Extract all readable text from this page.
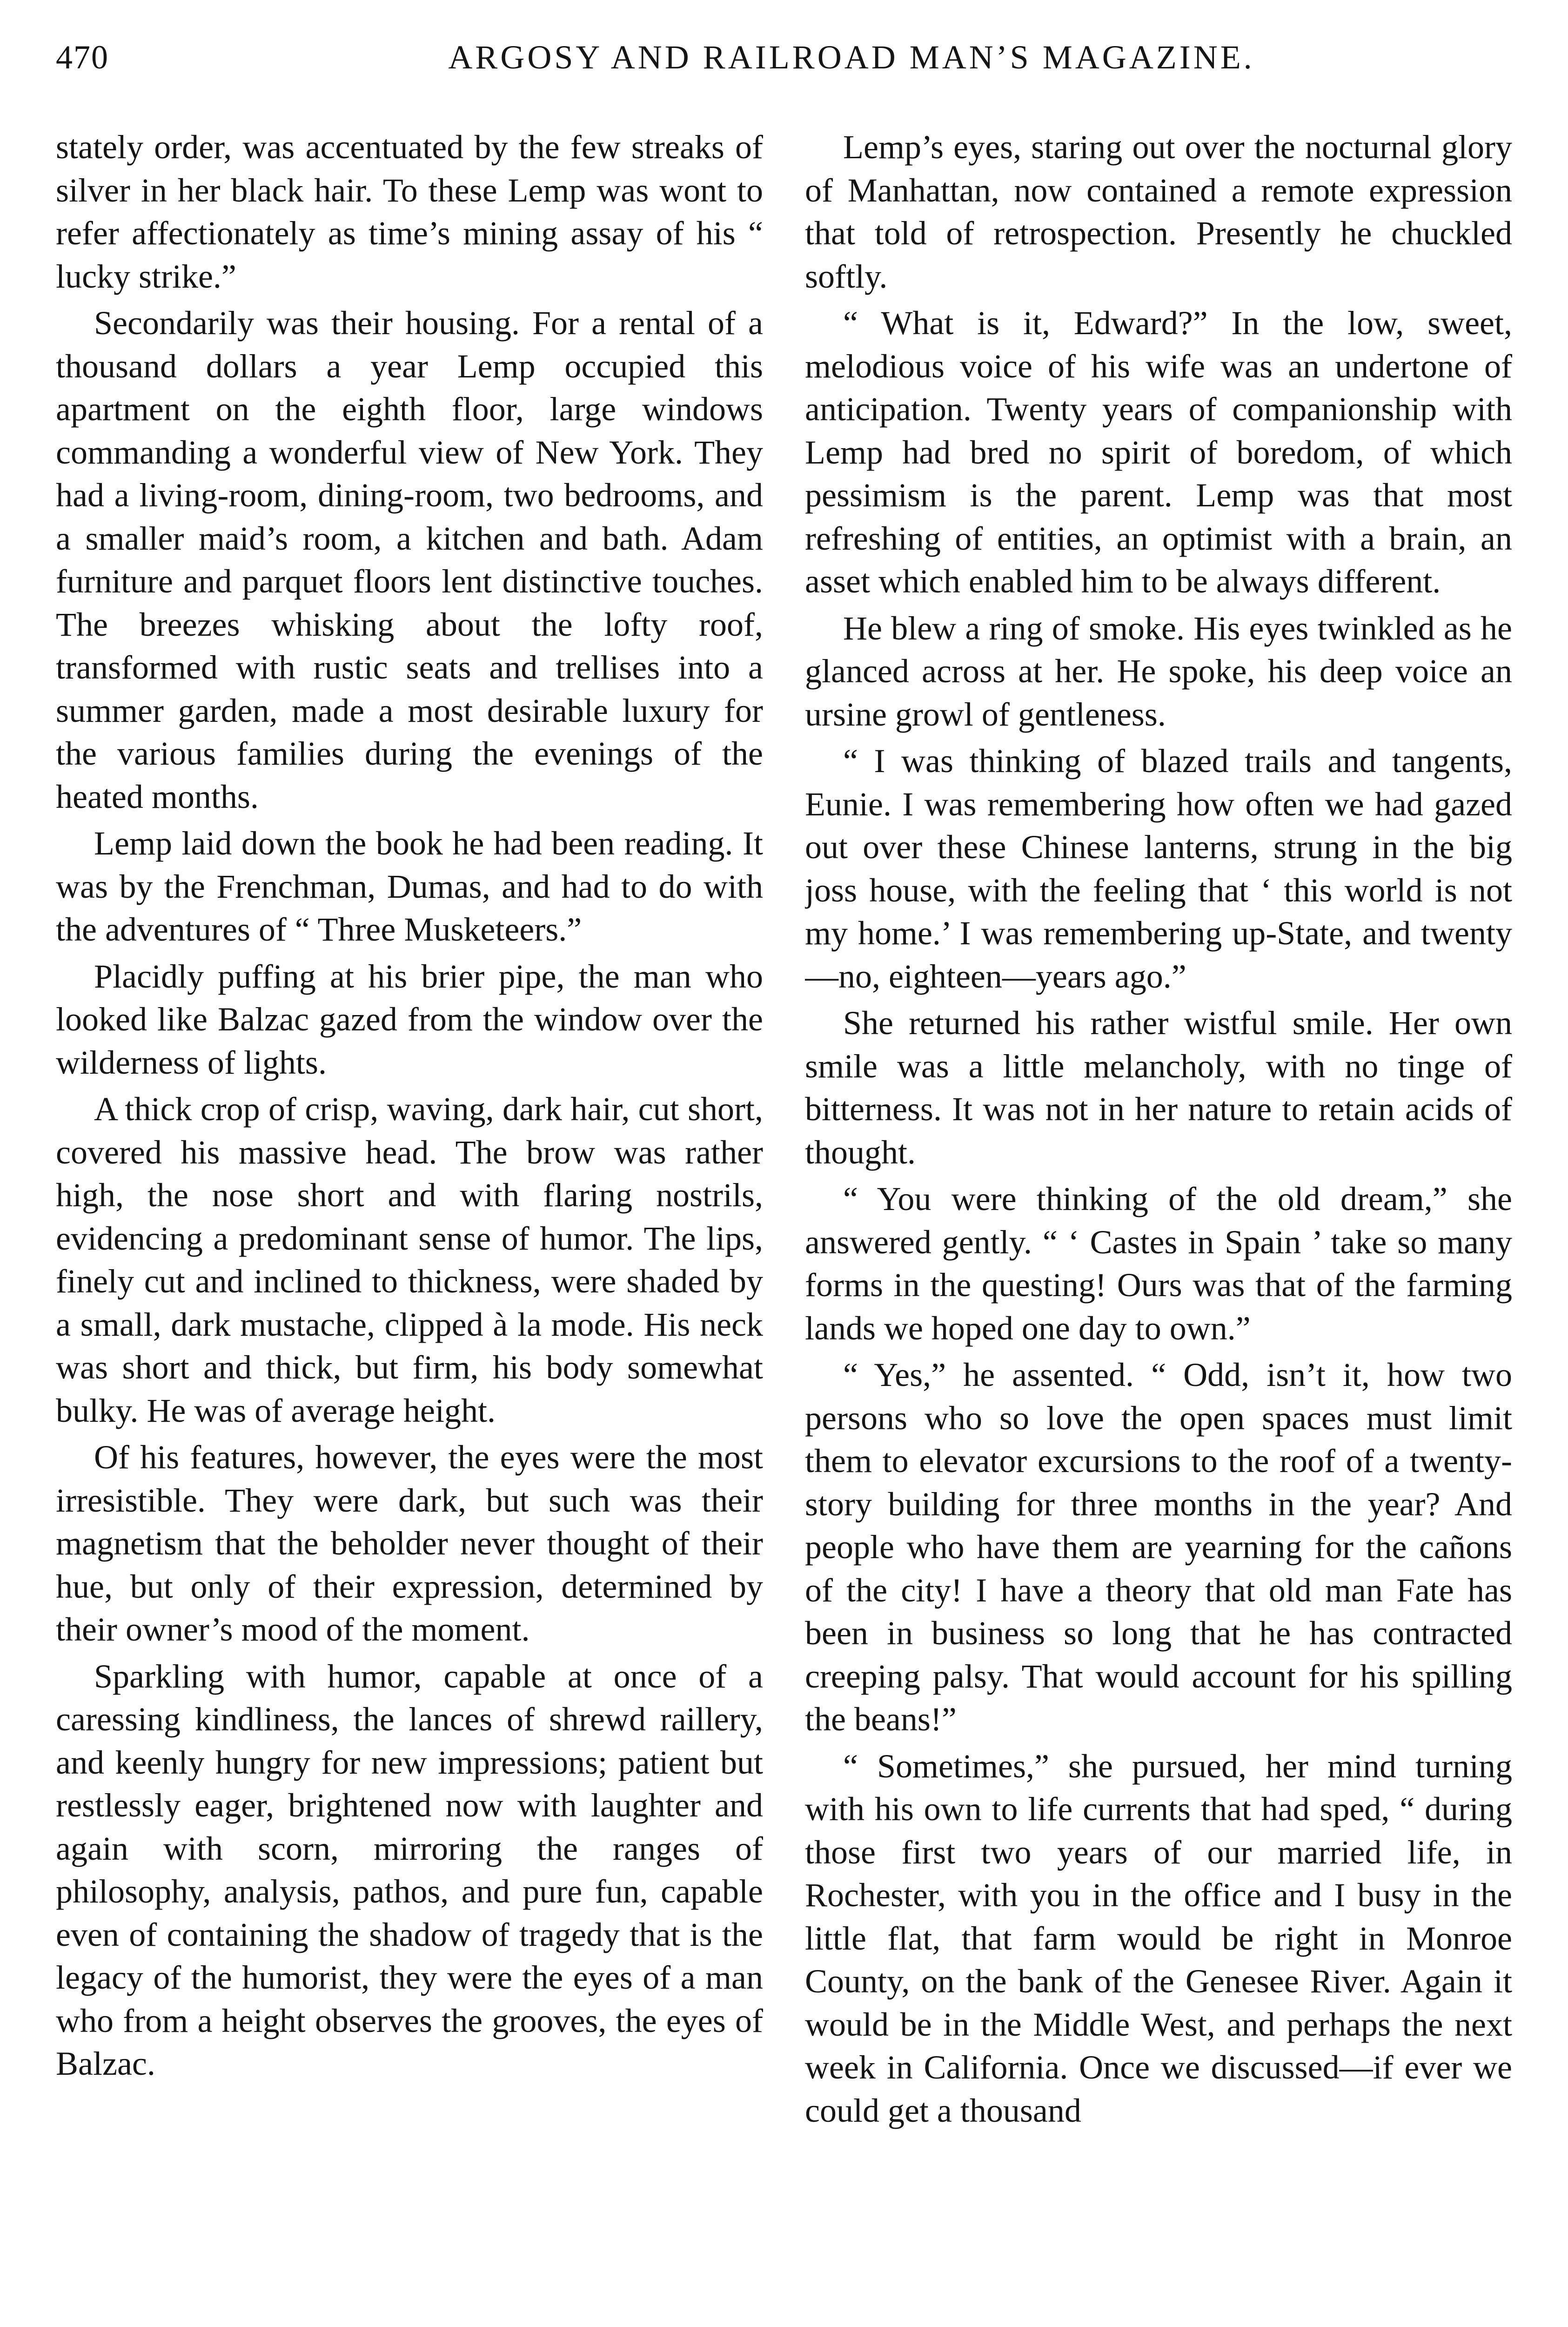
470	ARGOSY AND RAILROAD MAN’S MAGAZINE.

stately order, was accentuated by the few streaks of silver in her black hair. To these Lemp was wont to refer affectionately as time’s mining assay of his “ lucky strike.”

Secondarily was their housing. For a rental of a thousand dollars a year Lemp occupied this apartment on the eighth floor, large windows commanding a wonderful view of New York. They had a living-room, dining-room, two bedrooms, and a smaller maid’s room, a kitchen and bath. Adam furniture and parquet floors lent distinctive touches. The breezes whisking about the lofty roof, transformed with rustic seats and trellises into a summer garden, made a most desirable luxury for the various families during the evenings of the heated months.

Lemp laid down the book he had been reading. It was by the Frenchman, Dumas, and had to do with the adventures of “ Three Musketeers.”

Placidly puffing at his brier pipe, the man who looked like Balzac gazed from the window over the wilderness of lights.

A thick crop of crisp, waving, dark hair, cut short, covered his massive head. The brow was rather high, the nose short and with flaring nostrils, evidencing a predominant sense of humor. The lips, finely cut and inclined to thickness, were shaded by a small, dark mustache, clipped à la mode. His neck was short and thick, but firm, his body somewhat bulky. He was of average height.

Of his features, however, the eyes were the most irresistible. They were dark, but such was their magnetism that the beholder never thought of their hue, but only of their expression, determined by their owner’s mood of the moment.

Sparkling with humor, capable at once of a caressing kindliness, the lances of shrewd raillery, and keenly hungry for new impressions; patient but restlessly eager, brightened now with laughter and again with scorn, mirroring the ranges of philosophy, analysis, pathos, and pure fun, capable even of containing the shadow of tragedy that is the legacy of the humorist, they were the eyes of a man who from a height observes the grooves, the eyes of Balzac.

Lemp’s eyes, staring out over the nocturnal glory of Manhattan, now contained a remote expression that told of retrospection. Presently he chuckled softly.

“ What is it, Edward?” In the low, sweet, melodious voice of his wife was an undertone of anticipation. Twenty years of companionship with Lemp had bred no spirit of boredom, of which pessimism is the parent. Lemp was that most refreshing of entities, an optimist with a brain, an asset which enabled him to be always different.

He blew a ring of smoke. His eyes twinkled as he glanced across at her. He spoke, his deep voice an ursine growl of gentleness.

“ I was thinking of blazed trails and tangents, Eunie. I was remembering how often we had gazed out over these Chinese lanterns, strung in the big joss house, with the feeling that ‘ this world is not my home.’ I was remembering up-State, and twenty—no, eighteen—years ago.”

She returned his rather wistful smile. Her own smile was a little melancholy, with no tinge of bitterness. It was not in her nature to retain acids of thought.

“ You were thinking of the old dream,” she answered gently. “ ‘ Castes in Spain ’ take so many forms in the questing! Ours was that of the farming lands we hoped one day to own.”

“ Yes,” he assented. “ Odd, isn’t it, how two persons who so love the open spaces must limit them to elevator excursions to the roof of a twenty-story building for three months in the year? And people who have them are yearning for the cañons of the city! I have a theory that old man Fate has been in business so long that he has contracted creeping palsy. That would account for his spilling the beans!”

“ Sometimes,” she pursued, her mind turning with his own to life currents that had sped, “ during those first two years of our married life, in Rochester, with you in the office and I busy in the little flat, that farm would be right in Monroe County, on the bank of the Genesee River. Again it would be in the Middle West, and perhaps the next week in California. Once we discussed—if ever we could get a thousand
